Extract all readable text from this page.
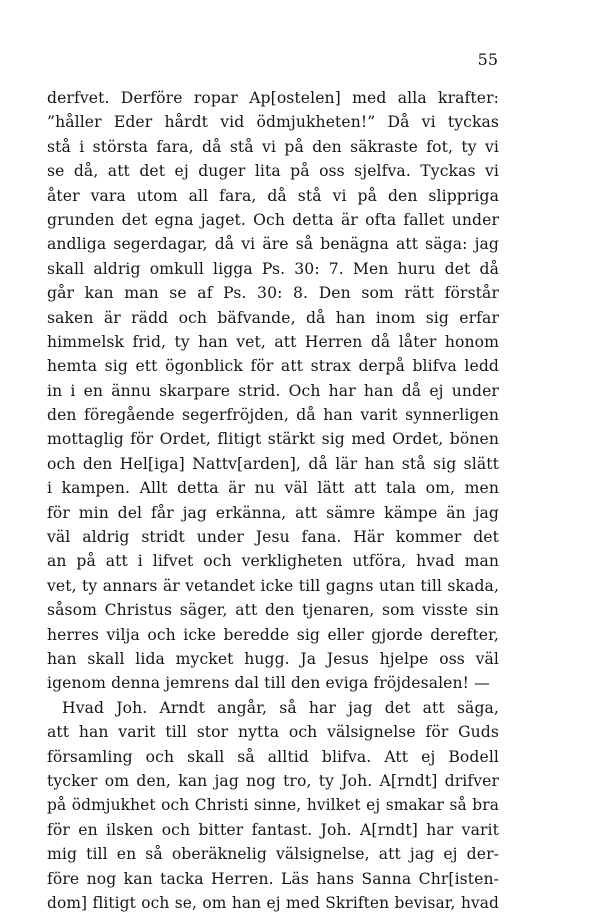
55
derfvet. Derföre ropar Ap[ostelen] med alla krafter:
”håller Eder hårdt vid ödmjukheten!” Då vi tyckas
stå i största fara, då stå vi på den säkraste fot, ty vi
se då, att det ej duger lita på oss sjelfva. Tyckas vi
åter vara utom all fara, då stå vi på den slippriga
grunden det egna jaget. Och detta är ofta fallet under
andliga segerdagar, då vi äre så benägna att säga: jag
skall aldrig omkull ligga Ps. 30: 7. Men huru det då
går kan man se af Ps. 30: 8. Den som rätt förstår
saken är rädd och bäfvande, då han inom sig erfar
himmelsk frid, ty han vet, att Herren då låter honom
hemta sig ett ögonblick för att strax derpå blifva ledd
in i en ännu skarpare strid. Och har han då ej under
den föregående segerfröjden, då han varit synnerligen
mottaglig för Ordet, flitigt stärkt sig med Ordet, bönen
och den Hel[iga] Nattv[arden], då lär han stå sig slätt
i kampen. Allt detta är nu väl lätt att tala om, men
för min del får jag erkänna, att sämre kämpe än jag
väl aldrig stridt under Jesu fana. Här kommer det
an på att i lifvet och verkligheten utföra, hvad man
vet, ty annars är vetandet icke till gagns utan till skada,
såsom Christus säger, att den tjenaren, som visste sin
herres vilja och icke beredde sig eller gjorde derefter,
han skall lida mycket hugg. Ja Jesus hjelpe oss väl
igenom denna jemrens dal till den eviga fröjdesalen! —
Hvad Joh. Arndt angår, så har jag det att säga,
att han varit till stor nytta och välsignelse för Guds
församling och skall så alltid blifva. Att ej Bodell
tycker om den, kan jag nog tro, ty Joh. A[rndt] drifver
på ödmjukhet och Christi sinne, hvilket ej smakar så bra
för en ilsken och bitter fantast. Joh. A[rndt] har varit
mig till en så oberäknelig välsignelse, att jag ej der-
före nog kan tacka Herren. Läs hans Sanna Chr[isten-
dom] flitigt och se, om han ej med Skriften bevisar, hvad
